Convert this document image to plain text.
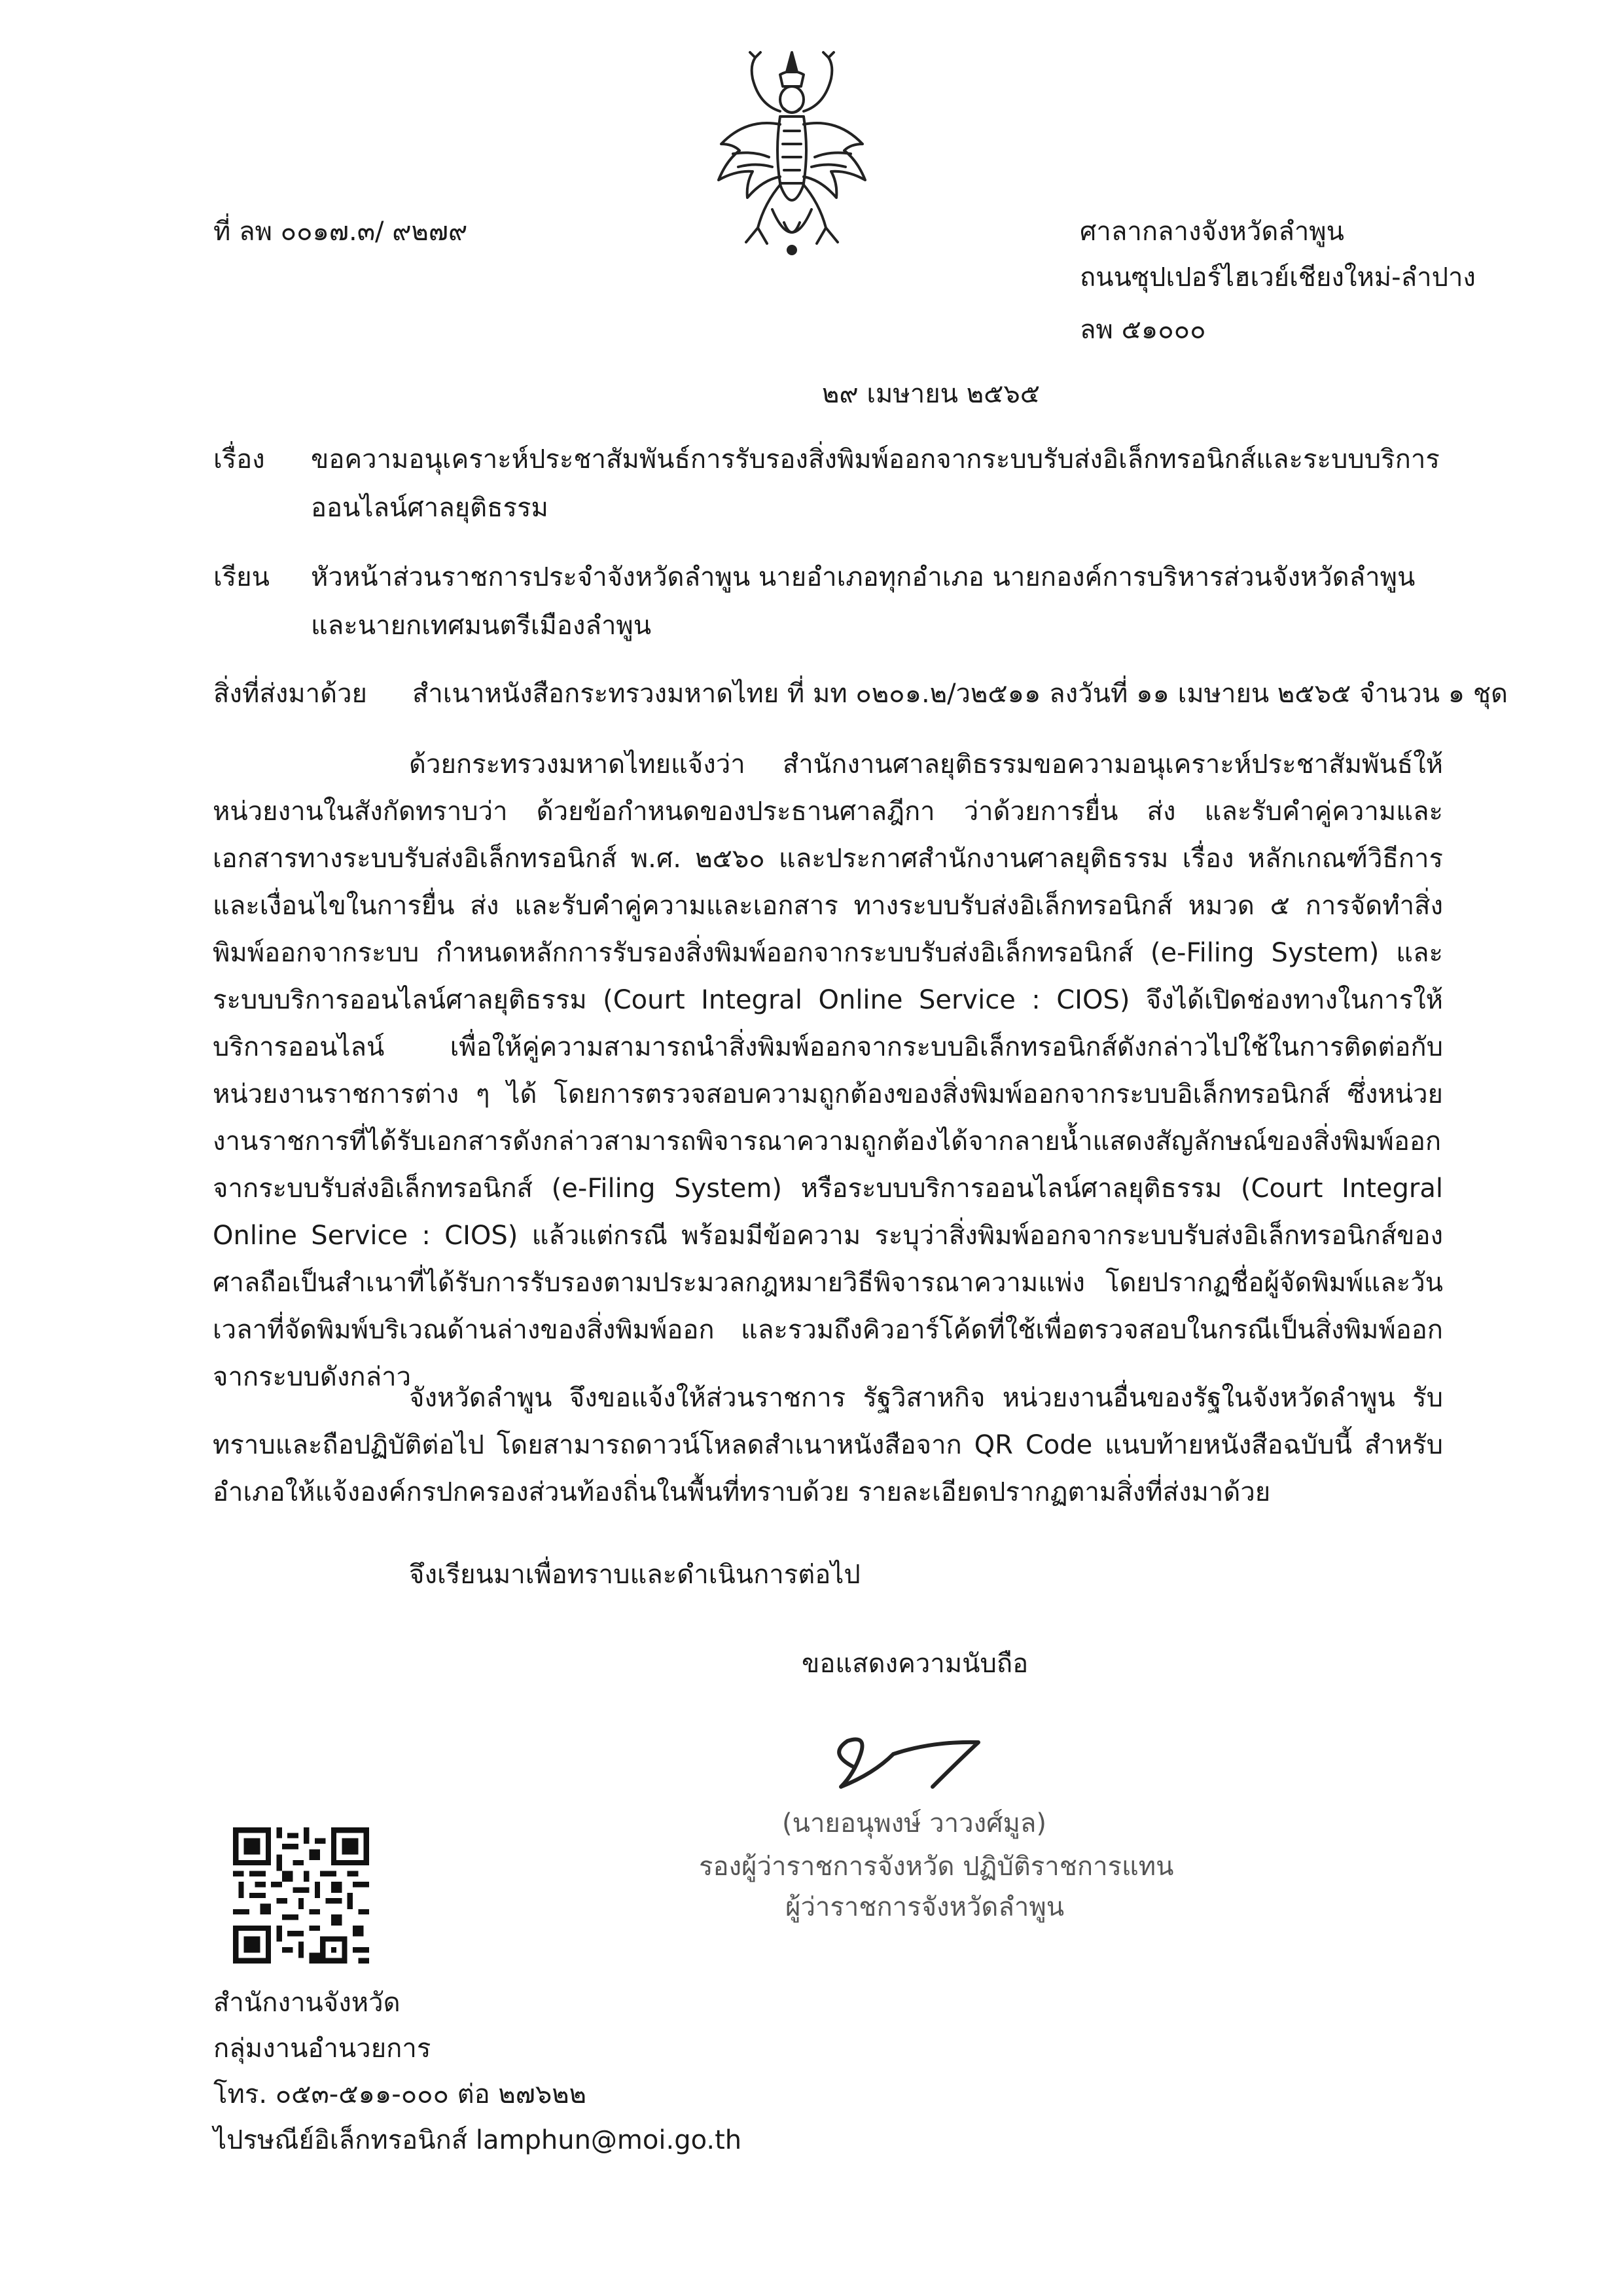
ที่ ลพ ๐๐๑๗.๓/ ๙๒๗๙	ศาลากลางจังหวัดลำพูน
ถนนซุปเปอร์ไฮเวย์เชียงใหม่-ลำปาง
ลพ ๕๑๐๐๐
๒๙ เมษายน ๒๕๖๕
เรื่อง ขอความอนุเคราะห์ประชาสัมพันธ์การรับรองสิ่งพิมพ์ออกจากระบบรับส่งอิเล็กทรอนิกส์และระบบบริการ
ออนไลน์ศาลยุติธรรม
เรียน หัวหน้าส่วนราชการประจำจังหวัดลำพูน นายอำเภอทุกอำเภอ นายกองค์การบริหารส่วนจังหวัดลำพูน
และนายกเทศมนตรีเมืองลำพูน
สิ่งที่ส่งมาด้วย สำเนาหนังสือกระทรวงมหาดไทย ที่ มท ๐๒๐๑.๒/ว๒๕๑๑ ลงวันที่ ๑๑ เมษายน ๒๕๖๕ จำนวน ๑ ชุด
ด้วยกระทรวงมหาดไทยแจ้งว่า สำนักงานศาลยุติธรรมขอความอนุเคราะห์ประชาสัมพันธ์ให้หน่วยงานในสังกัดทราบว่า ด้วยข้อกำหนดของประธานศาลฎีกา ว่าด้วยการยื่น ส่ง และรับคำคู่ความและเอกสารทางระบบรับส่งอิเล็กทรอนิกส์ พ.ศ. ๒๕๖๐ และประกาศสำนักงานศาลยุติธรรม เรื่อง หลักเกณฑ์วิธีการ และเงื่อนไขในการยื่น ส่ง และรับคำคู่ความและเอกสาร ทางระบบรับส่งอิเล็กทรอนิกส์ หมวด ๕ การจัดทำสิ่งพิมพ์ออกจากระบบ กำหนดหลักการรับรองสิ่งพิมพ์ออกจากระบบรับส่งอิเล็กทรอนิกส์ (e-Filing System) และระบบบริการออนไลน์ศาลยุติธรรม (Court Integral Online Service : CIOS) จึงได้เปิดช่องทางในการให้บริการออนไลน์ เพื่อให้คู่ความสามารถนำสิ่งพิมพ์ออกจากระบบอิเล็กทรอนิกส์ดังกล่าวไปใช้ในการติดต่อกับหน่วยงานราชการต่าง ๆ ได้ โดยการตรวจสอบความถูกต้องของสิ่งพิมพ์ออกจากระบบอิเล็กทรอนิกส์ ซึ่งหน่วยงานราชการที่ได้รับเอกสารดังกล่าวสามารถพิจารณาความถูกต้องได้จากลายน้ำแสดงสัญลักษณ์ของสิ่งพิมพ์ออกจากระบบรับส่งอิเล็กทรอนิกส์ (e-Filing System) หรือระบบบริการออนไลน์ศาลยุติธรรม (Court Integral Online Service : CIOS) แล้วแต่กรณี พร้อมมีข้อความ ระบุว่าสิ่งพิมพ์ออกจากระบบรับส่งอิเล็กทรอนิกส์ของศาลถือเป็นสำเนาที่ได้รับการรับรองตามประมวลกฎหมายวิธีพิจารณาความแพ่ง โดยปรากฏชื่อผู้จัดพิมพ์และวันเวลาที่จัดพิมพ์บริเวณด้านล่างของสิ่งพิมพ์ออก และรวมถึงคิวอาร์โค้ดที่ใช้เพื่อตรวจสอบในกรณีเป็นสิ่งพิมพ์ออกจากระบบดังกล่าว
จังหวัดลำพูน จึงขอแจ้งให้ส่วนราชการ รัฐวิสาหกิจ หน่วยงานอื่นของรัฐในจังหวัดลำพูน รับทราบและถือปฏิบัติต่อไป โดยสามารถดาวน์โหลดสำเนาหนังสือจาก QR Code แนบท้ายหนังสือฉบับนี้ สำหรับอำเภอให้แจ้งองค์กรปกครองส่วนท้องถิ่นในพื้นที่ทราบด้วย รายละเอียดปรากฏตามสิ่งที่ส่งมาด้วย
จึงเรียนมาเพื่อทราบและดำเนินการต่อไป
ขอแสดงความนับถือ
(นายอนุพงษ์ วาวงศ์มูล)
รองผู้ว่าราชการจังหวัด ปฏิบัติราชการแทน
ผู้ว่าราชการจังหวัดลำพูน
สำนักงานจังหวัด
กลุ่มงานอำนวยการ
โทร. ๐๕๓-๕๑๑-๐๐๐ ต่อ ๒๗๖๒๒
ไปรษณีย์อิเล็กทรอนิกส์ lamphun@moi.go.th
